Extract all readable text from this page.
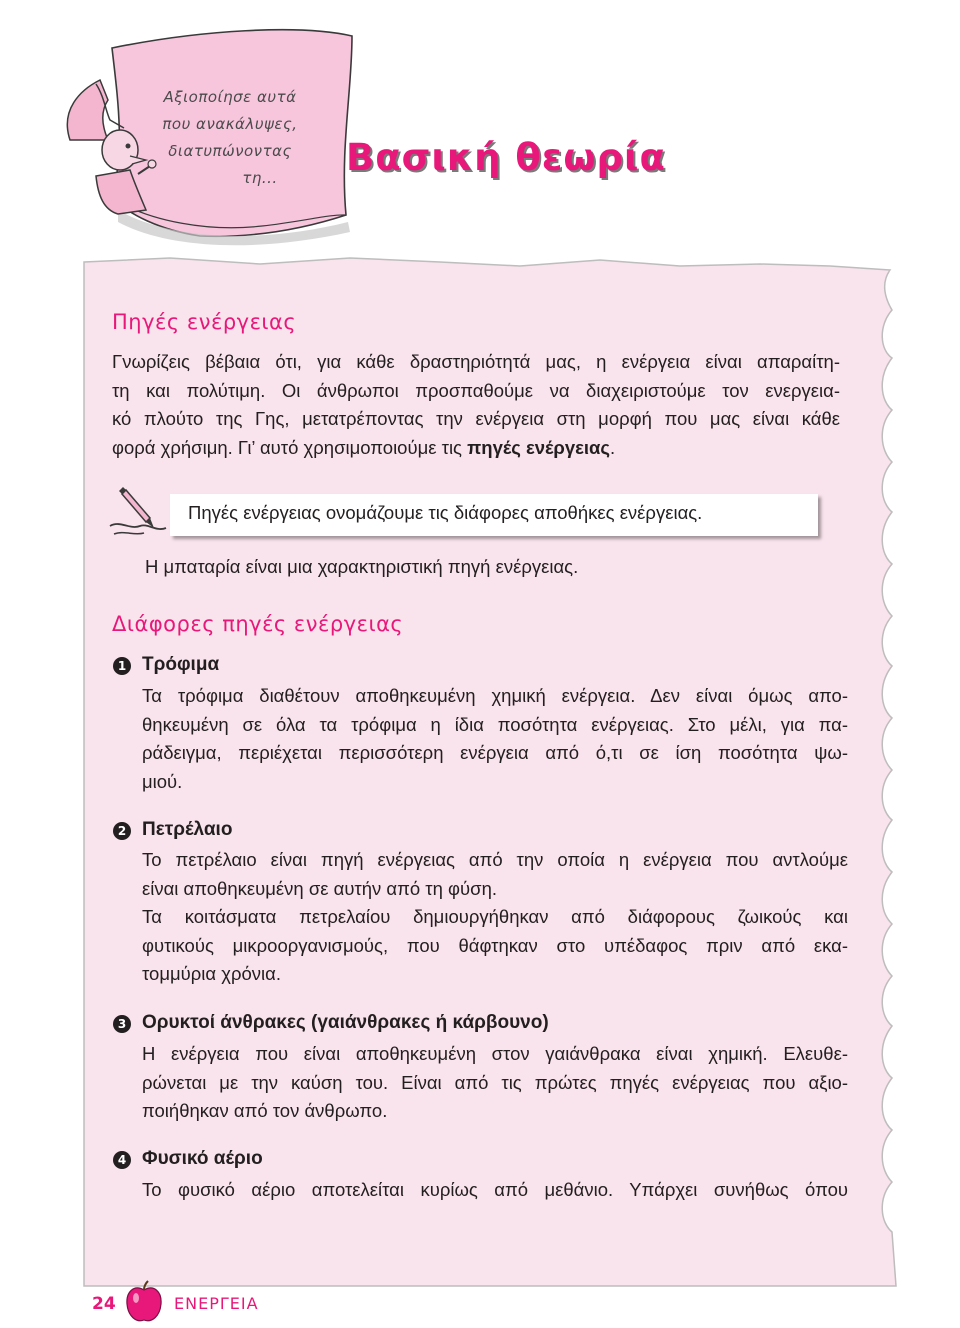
Αξιοποίησε αυτά
που ανακάλυψες,
διατυπώνοντας
τη...	Βασική θεωρία
Πηγές ενέργειας
Γνωρίζεις βέβαια ότι, για κάθε δραστηριότητά μας, η ενέργεια είναι απαραίτη-
τη και πολύτιμη. Οι άνθρωποι προσπαθούμε να διαχειριστούμε τον ενεργεια-
κό πλούτο της Γης, μετατρέποντας την ενέργεια στη μορφή που μας είναι κάθε
φορά χρήσιμη. Γι’ αυτό χρησιμοποιούμε τις πηγές ενέργειας.
Πηγές ενέργειας ονομάζουμε τις διάφορες αποθήκες ενέργειας.
Η μπαταρία είναι μια χαρακτηριστική πηγή ενέργειας.
Διάφορες πηγές ενέργειας
1 Τρόφιμα
Τα τρόφιμα διαθέτουν αποθηκευμένη χημική ενέργεια. Δεν είναι όμως απο-
θηκευμένη σε όλα τα τρόφιμα η ίδια ποσότητα ενέργειας. Στο μέλι, για πα-
ράδειγμα, περιέχεται περισσότερη ενέργεια από ό,τι σε ίση ποσότητα ψω-
μιού.
2 Πετρέλαιο
Το πετρέλαιο είναι πηγή ενέργειας από την οποία η ενέργεια που αντλούμε
είναι αποθηκευμένη σε αυτήν από τη φύση.
Τα κοιτάσματα πετρελαίου δημιουργήθηκαν από διάφορους ζωικούς και
φυτικούς μικροοργανισμούς, που θάφτηκαν στο υπέδαφος πριν από εκα-
τομμύρια χρόνια.
3 Ορυκτοί άνθρακες (γαιάνθρακες ή κάρβουνο)
Η ενέργεια που είναι αποθηκευμένη στον γαιάνθρακα είναι χημική. Ελευθε-
ρώνεται με την καύση του. Είναι από τις πρώτες πηγές ενέργειας που αξιο-
ποιήθηκαν από τον άνθρωπο.
4 Φυσικό αέριο
Το φυσικό αέριο αποτελείται κυρίως από μεθάνιο. Υπάρχει συνήθως όπου
24	ΕΝΕΡΓΕΙΑ
